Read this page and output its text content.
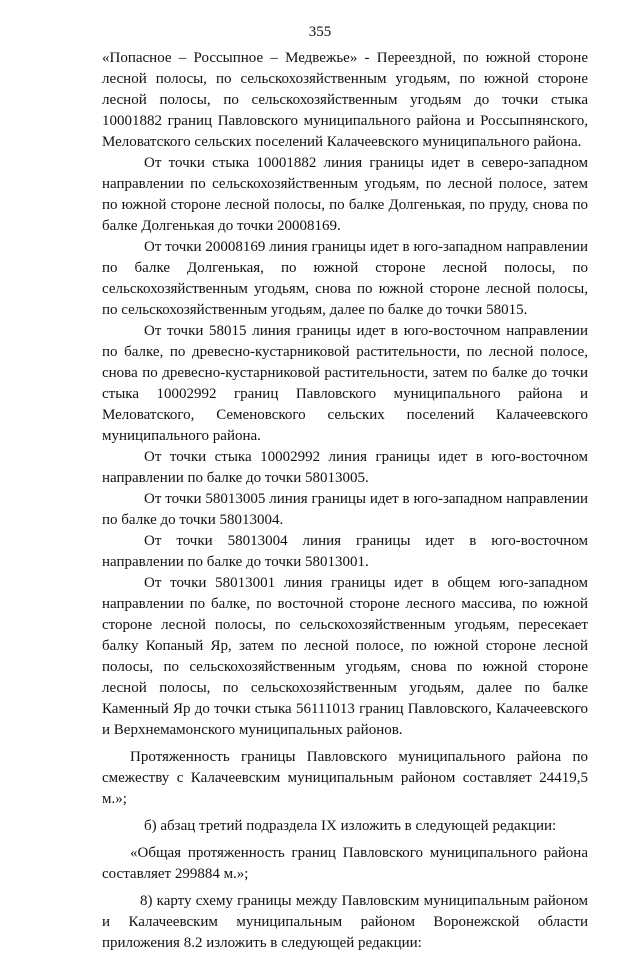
355

«Попасное – Россыпное – Медвежье» - Переездной, по южной стороне лесной полосы, по сельскохозяйственным угодьям, по южной стороне лесной полосы, по сельскохозяйственным угодьям до точки стыка 10001882 границ Павловского муниципального района и Россыпнянского, Меловатского сельских поселений Калачеевского муниципального района.

От точки стыка 10001882 линия границы идет в северо-западном направлении по сельскохозяйственным угодьям, по лесной полосе, затем по южной стороне лесной полосы, по балке Долгенькая, по пруду, снова по балке Долгенькая до точки 20008169.

От точки 20008169 линия границы идет в юго-западном направлении по балке Долгенькая, по южной стороне лесной полосы, по сельскохозяйственным угодьям, снова по южной стороне лесной полосы, по сельскохозяйственным угодьям, далее по балке до точки 58015.

От точки 58015 линия границы идет в юго-восточном направлении по балке, по древесно-кустарниковой растительности, по лесной полосе, снова по древесно-кустарниковой растительности, затем по балке до точки стыка 10002992 границ Павловского муниципального района и Меловатского, Семеновского сельских поселений Калачеевского муниципального района.

От точки стыка 10002992 линия границы идет в юго-восточном направлении по балке до точки 58013005.

От точки 58013005 линия границы идет в юго-западном направлении по балке до точки 58013004.

От точки 58013004 линия границы идет в юго-восточном направлении по балке до точки 58013001.

От точки 58013001 линия границы идет в общем юго-западном направлении по балке, по восточной стороне лесного массива, по южной стороне лесной полосы, по сельскохозяйственным угодьям, пересекает балку Копаный Яр, затем по лесной полосе, по южной стороне лесной полосы, по сельскохозяйственным угодьям, снова по южной стороне лесной полосы, по сельскохозяйственным угодьям, далее по балке Каменный Яр до точки стыка 56111013 границ Павловского, Калачеевского и Верхнемамонского муниципальных районов.

Протяженность границы Павловского муниципального района по смежеству с Калачеевским муниципальным районом составляет 24419,5 м.»;

б) абзац третий подраздела IX изложить в следующей редакции:

«Общая протяженность границ Павловского муниципального района составляет 299884 м.»;

8) карту схему границы между Павловским муниципальным районом и Калачеевским муниципальным районом Воронежской области приложения 8.2 изложить в следующей редакции:
